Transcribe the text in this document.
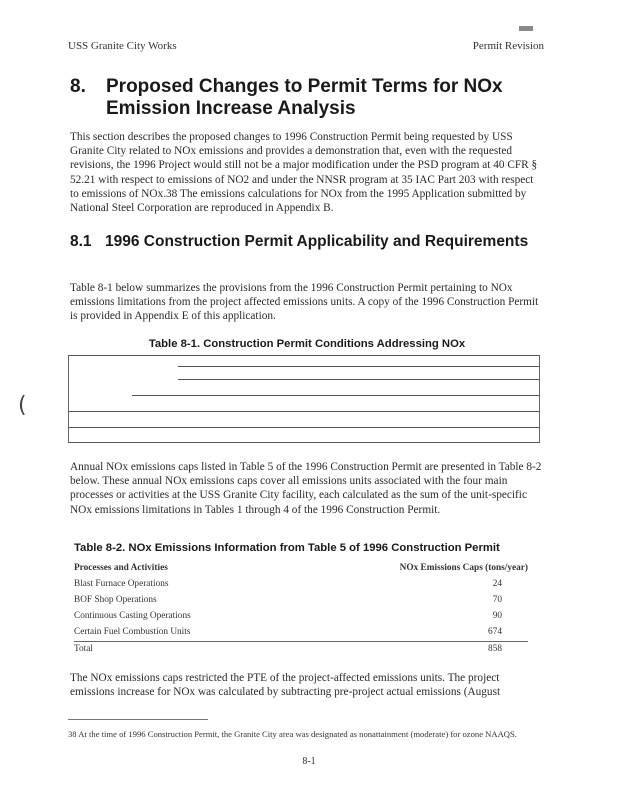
USS Granite City Works	Permit Revision
8. Proposed Changes to Permit Terms for NOx Emission Increase Analysis

This section describes the proposed changes to 1996 Construction Permit being requested by USS Granite City related to NOx emissions and provides a demonstration that, even with the requested revisions, the 1996 Project would still not be a major modification under the PSD program at 40 CFR § 52.21 with respect to emissions of NO2 and under the NNSR program at 35 IAC Part 203 with respect to emissions of NOx.38 The emissions calculations for NOx from the 1995 Application submitted by National Steel Corporation are reproduced in Appendix B.

8.1 1996 Construction Permit Applicability and Requirements

Table 8-1 below summarizes the provisions from the 1996 Construction Permit pertaining to NOx emissions limitations from the project affected emissions units. A copy of the 1996 Construction Permit is provided in Appendix E of this application.

Table 8-1. Construction Permit Conditions Addressing NOx
(

Annual NOx emissions caps listed in Table 5 of the 1996 Construction Permit are presented in Table 8-2 below. These annual NOx emissions caps cover all emissions units associated with the four main processes or activities at the USS Granite City facility, each calculated as the sum of the unit-specific NOx emissions limitations in Tables 1 through 4 of the 1996 Construction Permit.

Table 8-2. NOx Emissions Information from Table 5 of 1996 Construction Permit
Processes and Activities	NOx Emissions Caps (tons/year)
Blast Furnace Operations	24
BOF Shop Operations	70
Continuous Casting Operations	90
Certain Fuel Combustion Units	674
Total	858

The NOx emissions caps restricted the PTE of the project-affected emissions units. The project emissions increase for NOx was calculated by subtracting pre-project actual emissions (August

38 At the time of 1996 Construction Permit, the Granite City area was designated as nonattainment (moderate) for ozone NAAQS.
8-1
